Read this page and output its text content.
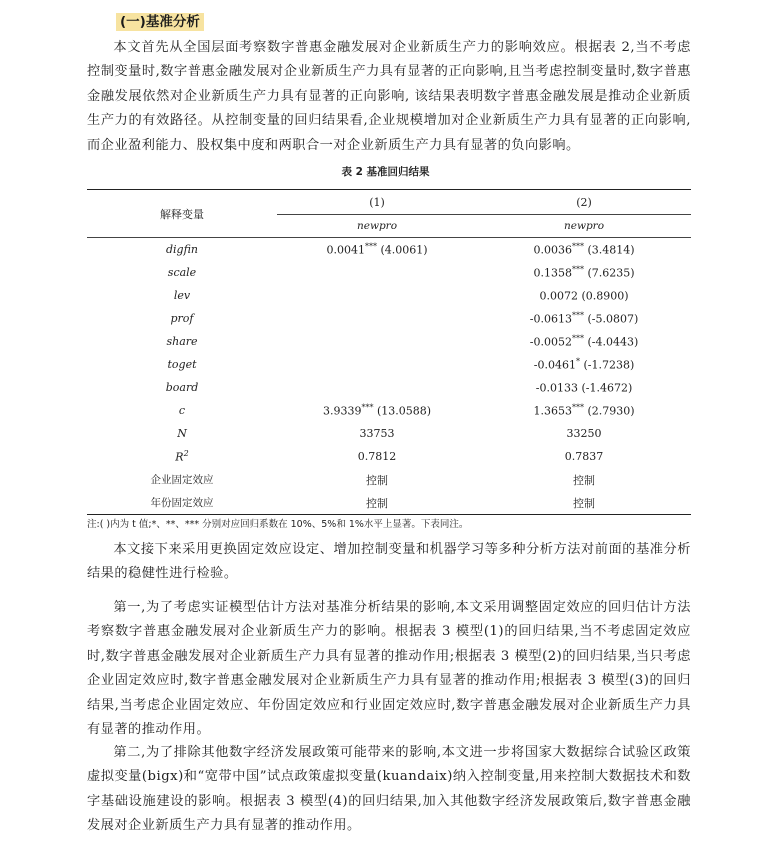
(一)基准分析

本文首先从全国层面考察数字普惠金融发展对企业新质生产力的影响效应。根据表 2,当不考虑控制变量时,数字普惠金融发展对企业新质生产力具有显著的正向影响,且当考虑控制变量时,数字普惠金融发展依然对企业新质生产力具有显著的正向影响, 该结果表明数字普惠金融发展是推动企业新质生产力的有效路径。从控制变量的回归结果看,企业规模增加对企业新质生产力具有显著的正向影响,而企业盈利能力、股权集中度和两职合一对企业新质生产力具有显著的负向影响。

表 2 基准回归结果
解释变量	(1)	(2)
	newpro	newpro
digfin	0.0041*** (4.0061)	0.0036*** (3.4814)
scale		0.1358*** (7.6235)
lev		0.0072 (0.8900)
prof		-0.0613*** (-5.0807)
share		-0.0052*** (-4.0443)
toget		-0.0461* (-1.7238)
board		-0.0133 (-1.4672)
c	3.9339*** (13.0588)	1.3653*** (2.7930)
N	33753	33250
$R^2$	0.7812	0.7837
企业固定效应	控制	控制
年份固定效应	控制	控制
注:( )内为 t 值;*、**、*** 分别对应回归系数在 10%、5%和 1%水平上显著。下表同注。

本文接下来采用更换固定效应设定、增加控制变量和机器学习等多种分析方法对前面的基准分析结果的稳健性进行检验。

第一,为了考虑实证模型估计方法对基准分析结果的影响,本文采用调整固定效应的回归估计方法考察数字普惠金融发展对企业新质生产力的影响。根据表 3 模型(1)的回归结果,当不考虑固定效应时,数字普惠金融发展对企业新质生产力具有显著的推动作用;根据表 3 模型(2)的回归结果,当只考虑企业固定效应时,数字普惠金融发展对企业新质生产力具有显著的推动作用;根据表 3 模型(3)的回归结果,当考虑企业固定效应、年份固定效应和行业固定效应时,数字普惠金融发展对企业新质生产力具有显著的推动作用。

第二,为了排除其他数字经济发展政策可能带来的影响,本文进一步将国家大数据综合试验区政策虚拟变量(bigx)和“宽带中国”试点政策虚拟变量(kuandaix)纳入控制变量,用来控制大数据技术和数字基础设施建设的影响。根据表 3 模型(4)的回归结果,加入其他数字经济发展政策后,数字普惠金融发展对企业新质生产力具有显著的推动作用。
